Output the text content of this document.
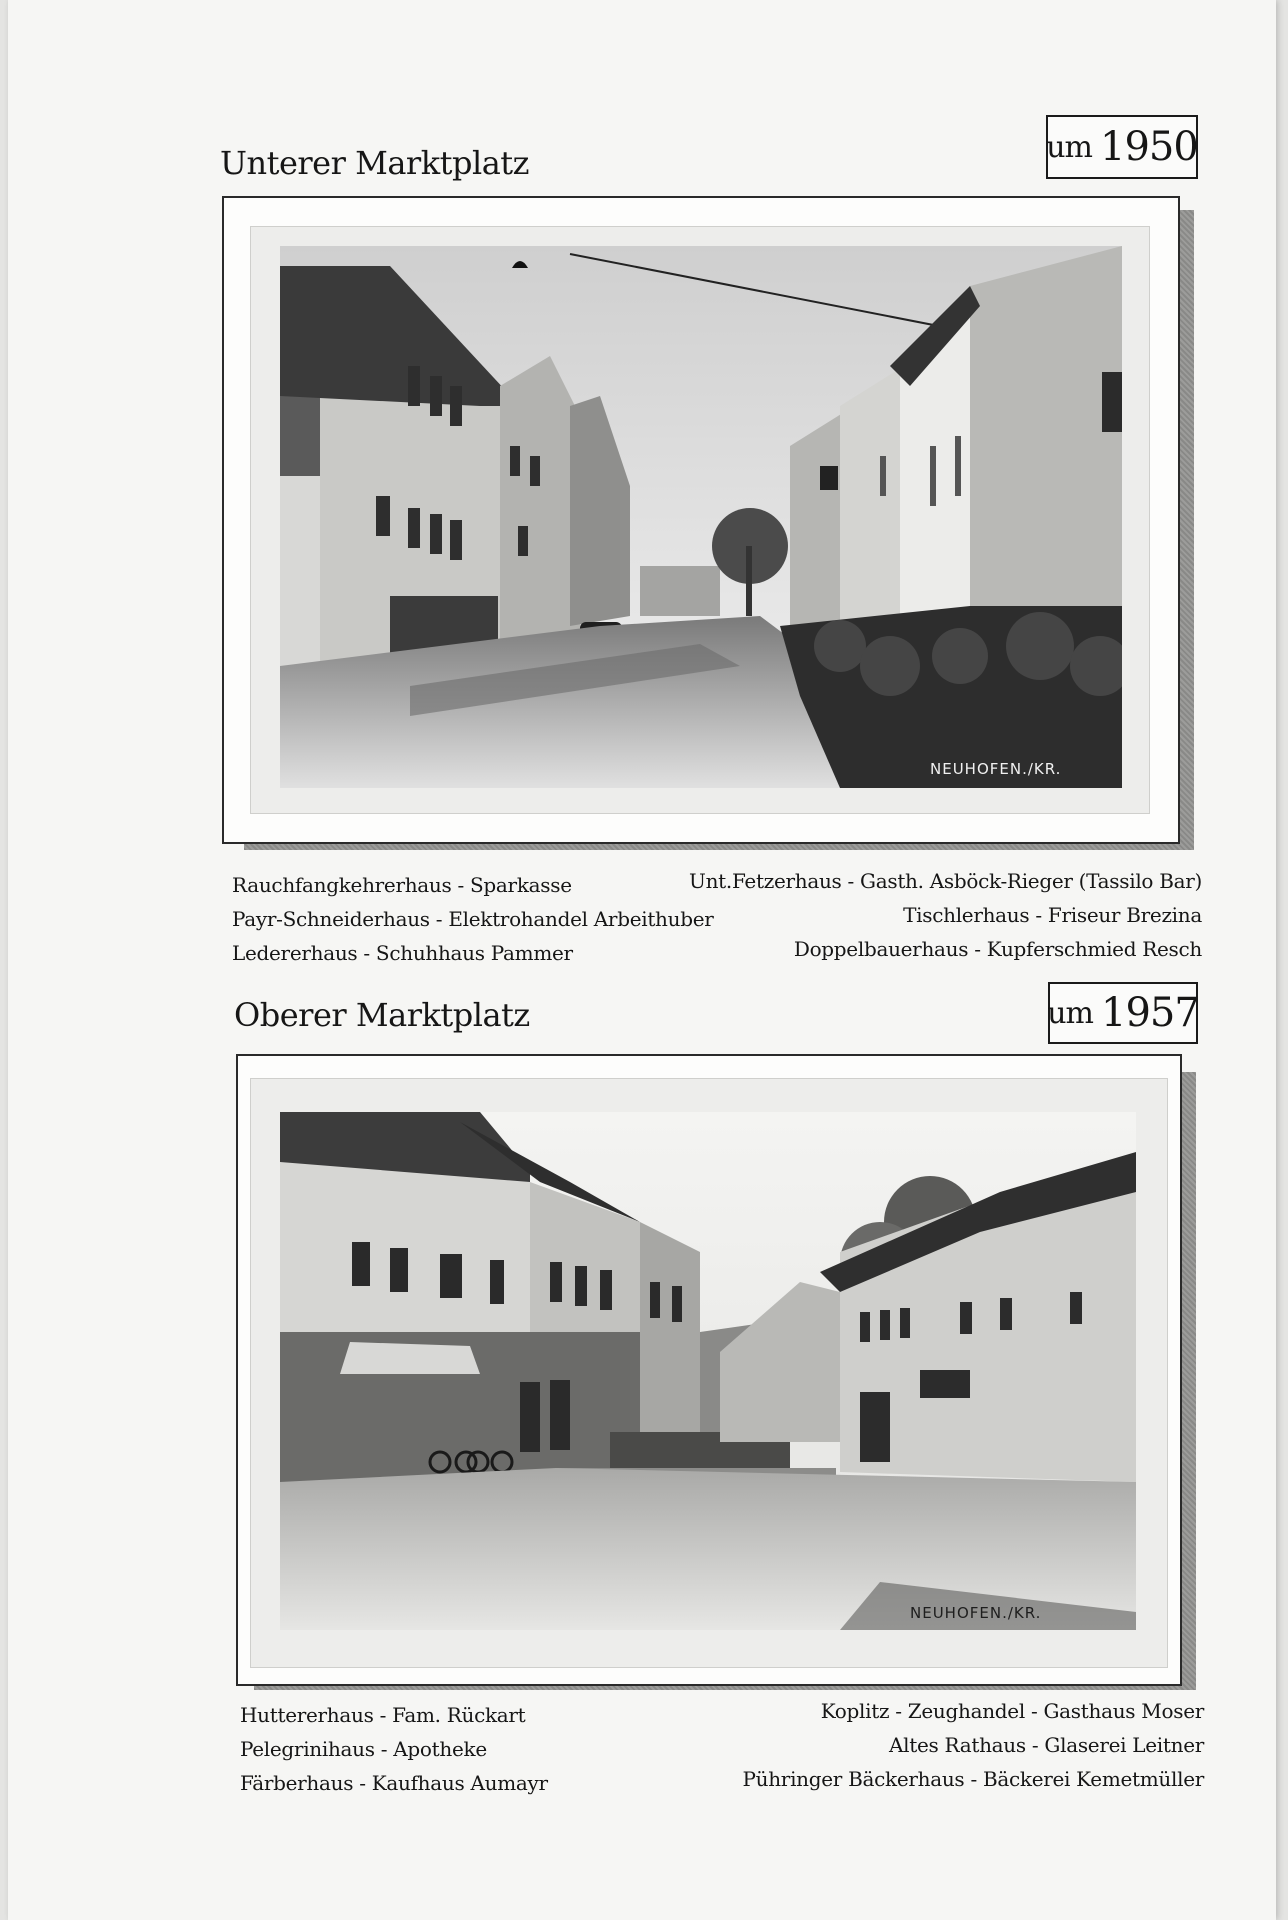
Unterer Marktplatz	um 1950
NEUHOFEN./KR.
Rauchfangkehrerhaus - Sparkasse
Payr-Schneiderhaus - Elektrohandel Arbeithuber
Ledererhaus - Schuhhaus Pammer
Unt.Fetzerhaus - Gasth. Asböck-Rieger (Tassilo Bar)
Tischlerhaus - Friseur Brezina
Doppelbauerhaus - Kupferschmied Resch
Oberer Marktplatz	um 1957
NEUHOFEN./KR.
Huttererhaus - Fam. Rückart
Pelegrinihaus - Apotheke
Färberhaus - Kaufhaus Aumayr
Koplitz - Zeughandel - Gasthaus Moser
Altes Rathaus - Glaserei Leitner
Pühringer Bäckerhaus - Bäckerei Kemetmüller
